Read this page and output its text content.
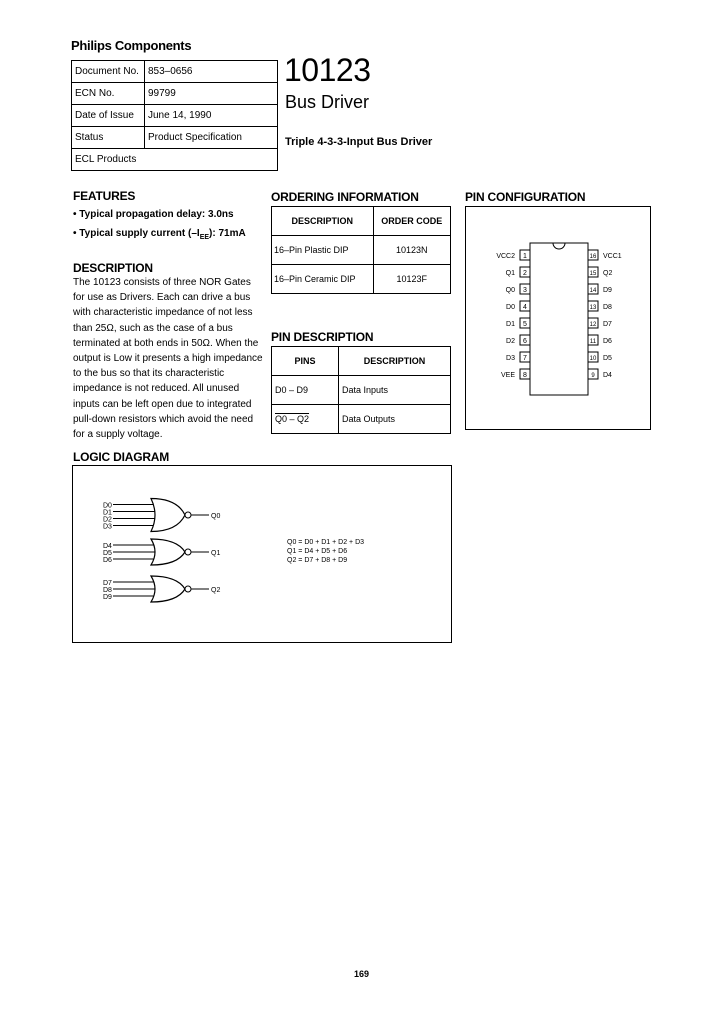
Philips Components
Document No.	853–0656
ECN No.	99799
Date of Issue	June 14, 1990
Status	Product Specification
ECL Products	
10123
Bus Driver
Triple 4-3-3-Input Bus Driver
FEATURES
• Typical propagation delay: 3.0ns
• Typical supply current $(-I_{EE})$: 71mA
DESCRIPTION
The 10123 consists of three NOR Gates for use as Drivers. Each can drive a bus with characteristic impedance of not less than 25Ω, such as the case of a bus terminated at both ends in 50Ω. When the output is Low it presents a high impedance to the bus so that its characteristic impedance is not reduced. All unused inputs can be left open due to integrated pull-down resistors which avoid the need for a supply voltage.
ORDERING INFORMATION
DESCRIPTION	ORDER CODE
16–Pin Plastic DIP	10123N
16–Pin Ceramic DIP	10123F
PIN DESCRIPTION
PINS	DESCRIPTION
D0 – D9	Data Inputs
Q0 – Q2	Data Outputs
PIN CONFIGURATION
1
VCC2
2
Q1
3
Q0
4
D0
5
D1
6
D2
7
D3
8
VEE
16 VCC1
15 Q2
14 D9
13 D8
12 D7
11 D6
10 D5
9 D4
LOGIC DIAGRAM
D0
D1
D2
D3
Q0
D4
D5
D6
Q1
D7
D8
D9
Q2
Q0 = D0 + D1 + D2 + D3
Q1 = D4 + D5 + D6
Q2 = D7 + D8 + D9
169
